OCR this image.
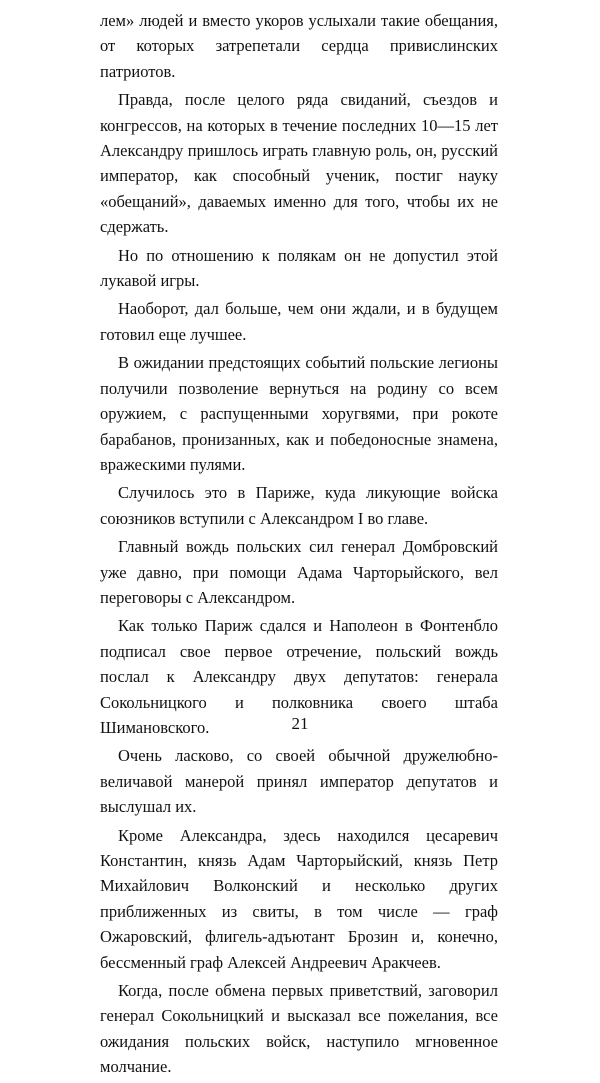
лем» людей и вместо укоров услыхали такие обещания, от которых затрепетали сердца привислинских патриотов.

Правда, после целого ряда свиданий, съездов и конгрессов, на которых в течение последних 10—15 лет Александру пришлось играть главную роль, он, русский император, как способный ученик, постиг науку «обещаний», даваемых именно для того, чтобы их не сдержать.

Но по отношению к полякам он не допустил этой лукавой игры.

Наоборот, дал больше, чем они ждали, и в будущем готовил еще лучшее.

В ожидании предстоящих событий польские легионы получили позволение вернуться на родину со всем оружием, с распущенными хоругвями, при рокоте барабанов, пронизанных, как и победоносные знамена, вражескими пулями.

Случилось это в Париже, куда ликующие войска союзников вступили с Александром I во главе.

Главный вождь польских сил генерал Домбровский уже давно, при помощи Адама Чарторыйского, вел переговоры с Александром.

Как только Париж сдался и Наполеон в Фонтенбло подписал свое первое отречение, польский вождь послал к Александру двух депутатов: генерала Сокольницкого и полковника своего штаба Шимановского.

Очень ласково, со своей обычной дружелюбно-величавой манерой принял император депутатов и выслушал их.

Кроме Александра, здесь находился цесаревич Константин, князь Адам Чарторыйский, князь Петр Михайлович Волконский и несколько других приближенных из свиты, в том числе — граф Ожаровский, флигель-адъютант Брозин и, конечно, бессменный граф Алексей Андреевич Аракчеев.

Когда, после обмена первых приветствий, заговорил генерал Сокольницкий и высказал все пожелания, все ожидания польских войск, наступило мгновенное молчание.

21
